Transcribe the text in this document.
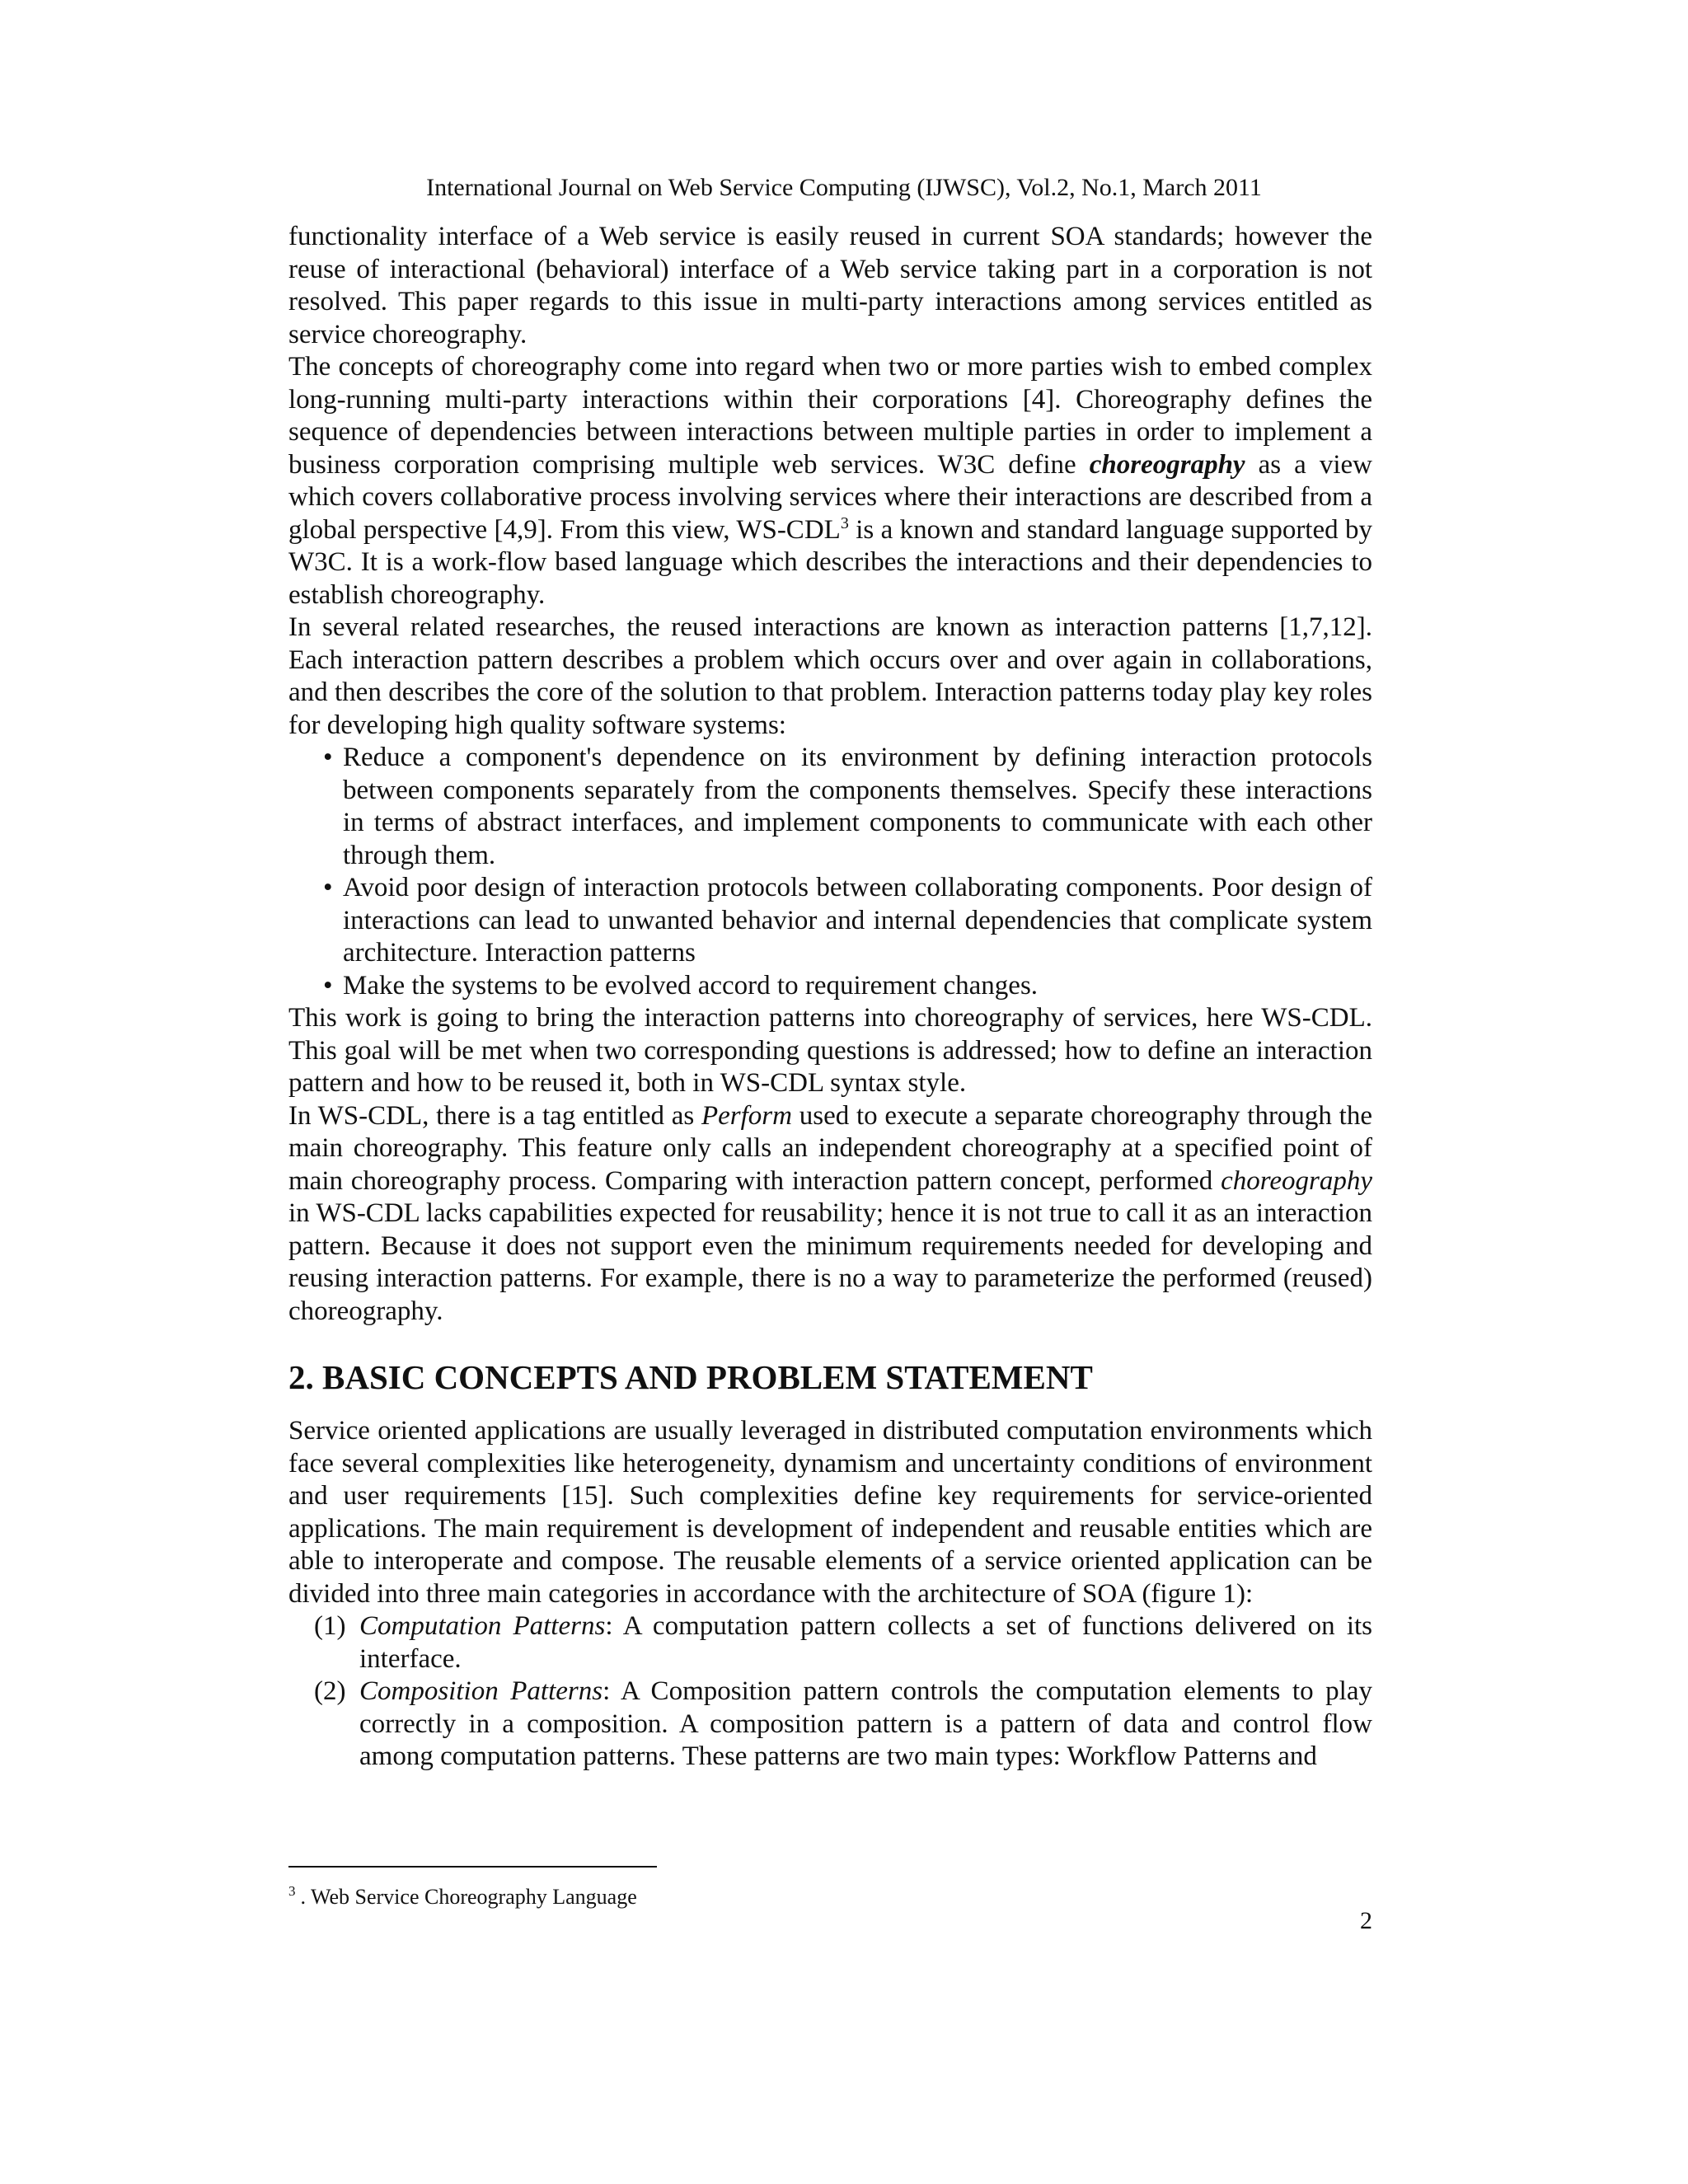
International Journal on Web Service Computing (IJWSC), Vol.2, No.1, March 2011

functionality interface of a Web service is easily reused in current SOA standards; however the reuse of interactional (behavioral) interface of a Web service taking part in a corporation is not resolved. This paper regards to this issue in multi-party interactions among services entitled as service choreography.

The concepts of choreography come into regard when two or more parties wish to embed complex long-running multi-party interactions within their corporations [4]. Choreography defines the sequence of dependencies between interactions between multiple parties in order to implement a business corporation comprising multiple web services. W3C define choreography as a view which covers collaborative process involving services where their interactions are described from a global perspective [4,9]. From this view, WS-CDL$^3$ is a known and standard language supported by W3C. It is a work-flow based language which describes the interactions and their dependencies to establish choreography.

In several related researches, the reused interactions are known as interaction patterns [1,7,12]. Each interaction pattern describes a problem which occurs over and over again in collaborations, and then describes the core of the solution to that problem. Interaction patterns today play key roles for developing high quality software systems:

• Reduce a component's dependence on its environment by defining interaction protocols between components separately from the components themselves. Specify these interactions in terms of abstract interfaces, and implement components to communicate with each other through them.
• Avoid poor design of interaction protocols between collaborating components. Poor design of interactions can lead to unwanted behavior and internal dependencies that complicate system architecture. Interaction patterns
• Make the systems to be evolved accord to requirement changes.

This work is going to bring the interaction patterns into choreography of services, here WS-CDL. This goal will be met when two corresponding questions is addressed; how to define an interaction pattern and how to be reused it, both in WS-CDL syntax style.

In WS-CDL, there is a tag entitled as Perform used to execute a separate choreography through the main choreography. This feature only calls an independent choreography at a specified point of main choreography process. Comparing with interaction pattern concept, performed choreography in WS-CDL lacks capabilities expected for reusability; hence it is not true to call it as an interaction pattern. Because it does not support even the minimum requirements needed for developing and reusing interaction patterns. For example, there is no a way to parameterize the performed (reused) choreography.

2. BASIC CONCEPTS AND PROBLEM STATEMENT

Service oriented applications are usually leveraged in distributed computation environments which face several complexities like heterogeneity, dynamism and uncertainty conditions of environment and user requirements [15]. Such complexities define key requirements for service-oriented applications. The main requirement is development of independent and reusable entities which are able to interoperate and compose. The reusable elements of a service oriented application can be divided into three main categories in accordance with the architecture of SOA (figure 1):

(1) Computation Patterns: A computation pattern collects a set of functions delivered on its interface.
(2) Composition Patterns: A Composition pattern controls the computation elements to play correctly in a composition. A composition pattern is a pattern of data and control flow among computation patterns. These patterns are two main types: Workflow Patterns and
$^3$ . Web Service Choreography Language
2
